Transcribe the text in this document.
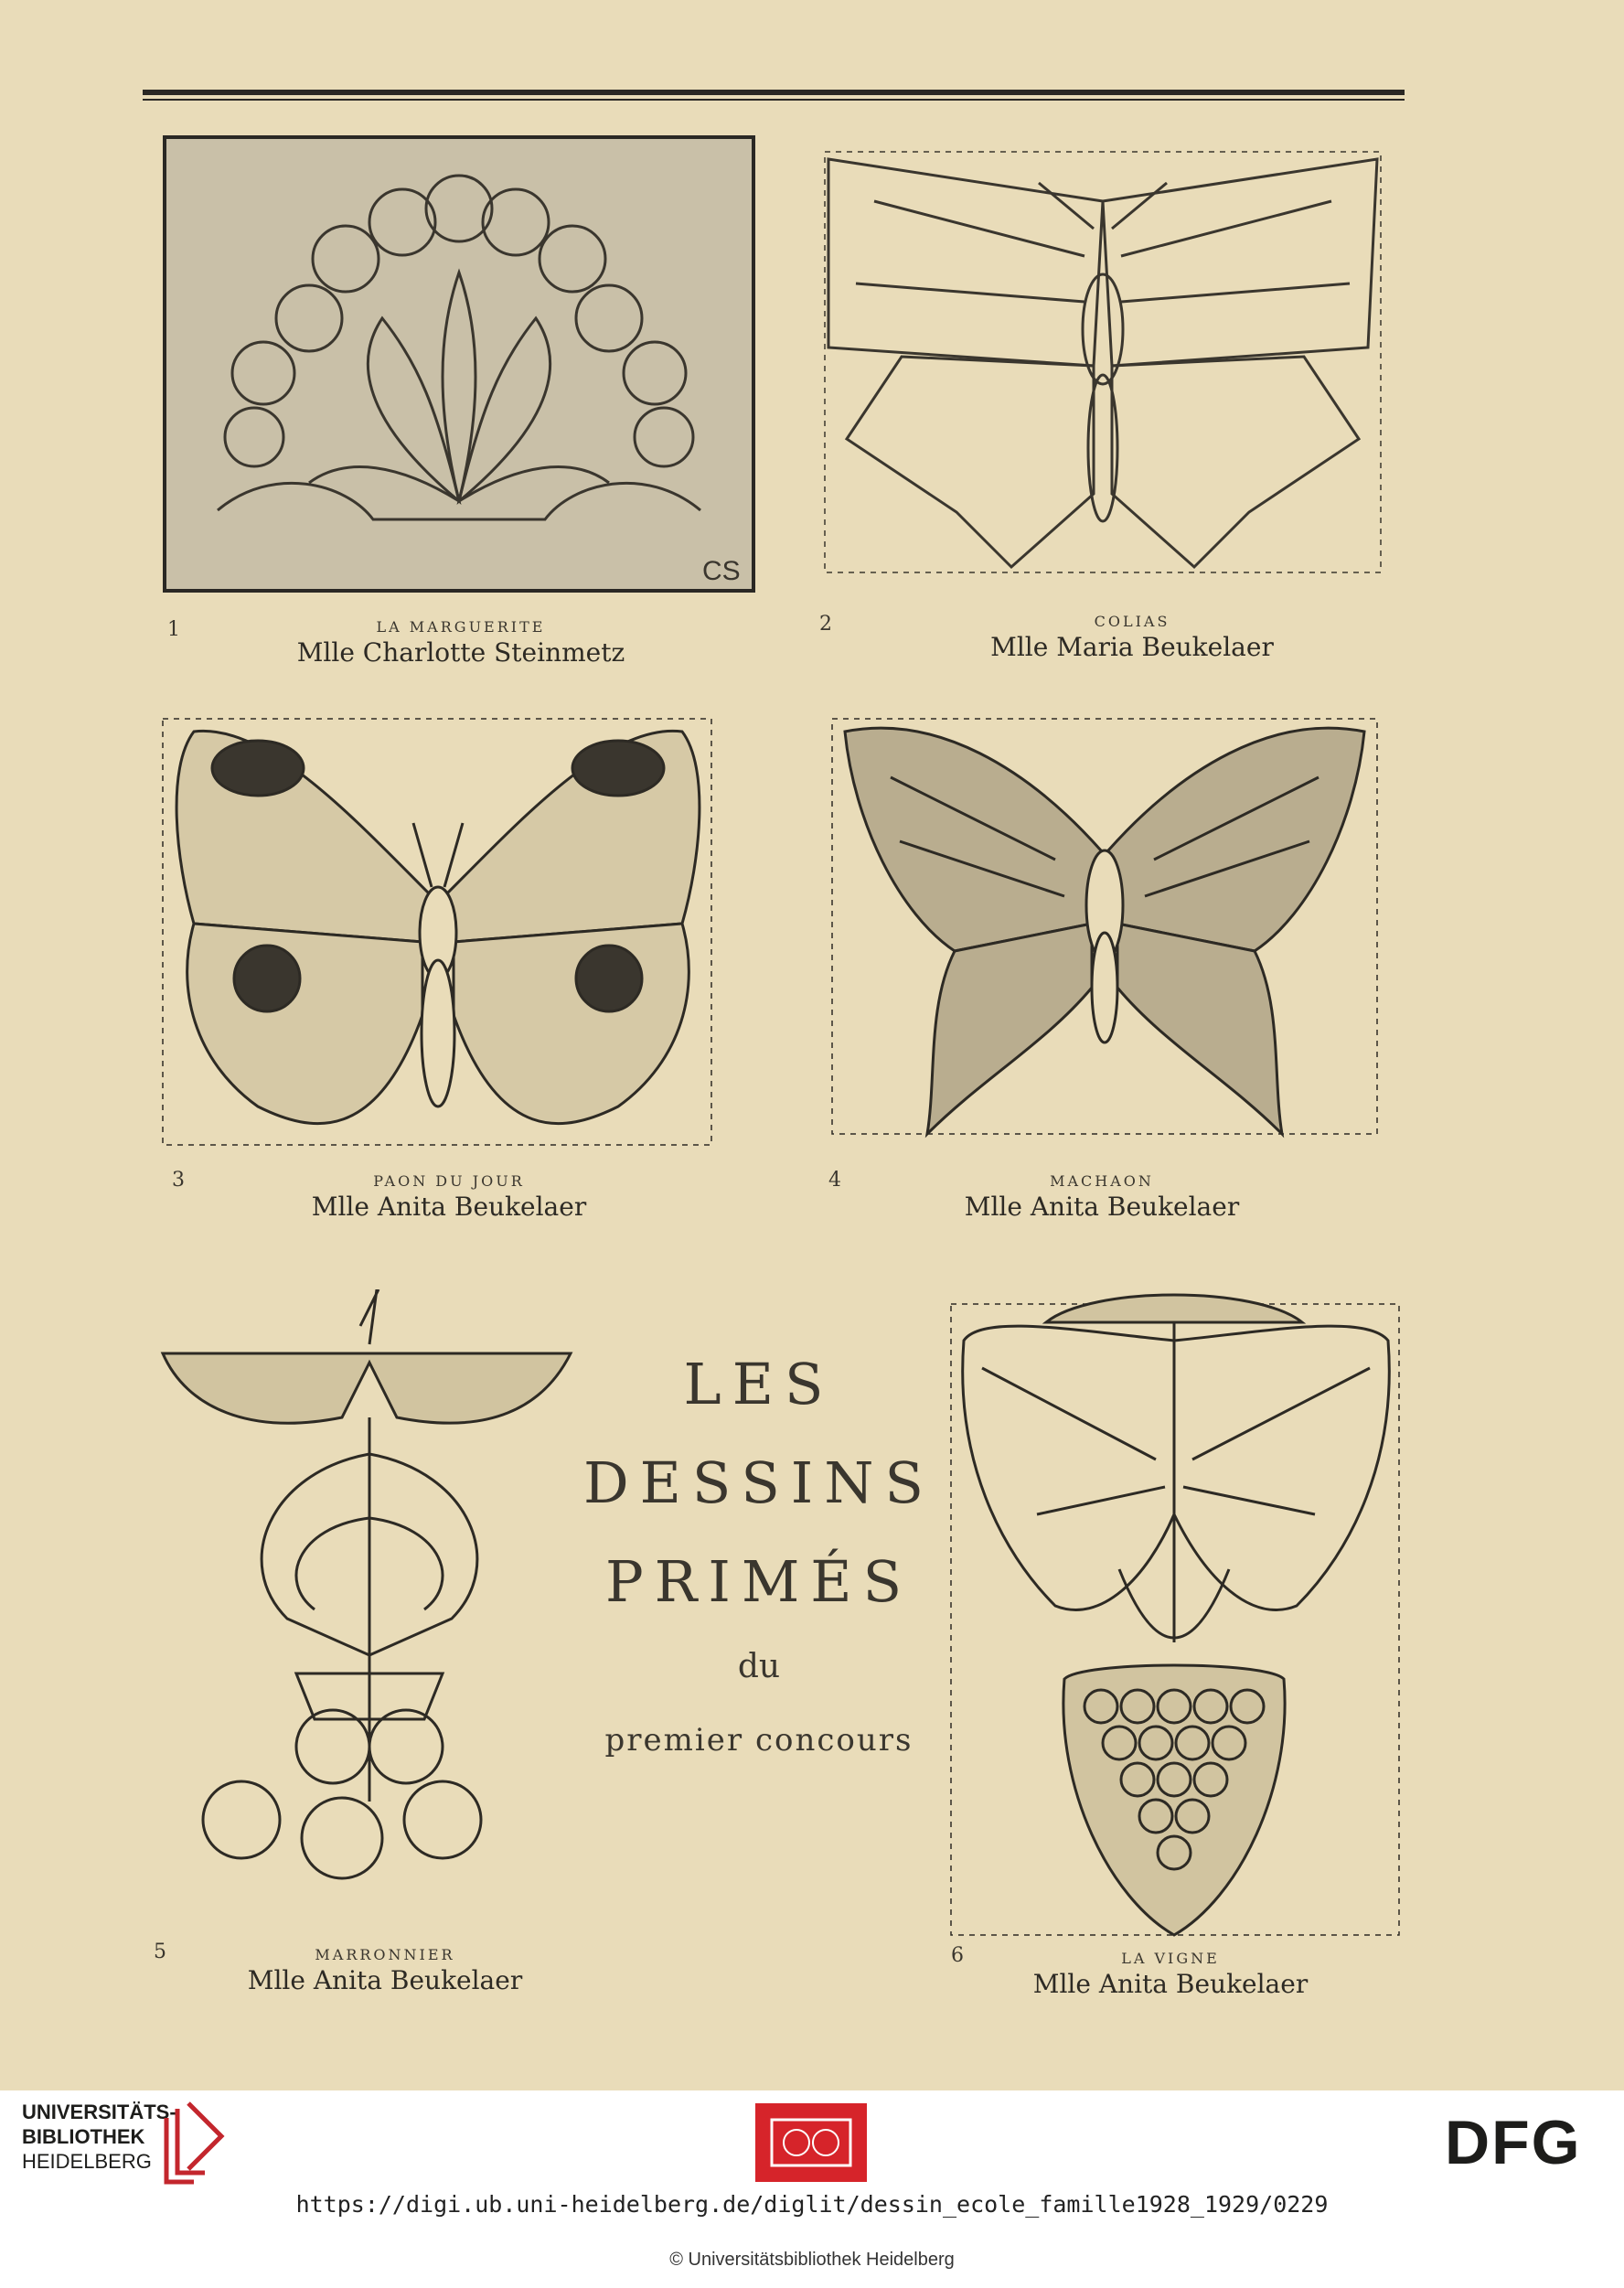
CS
1	LA MARGUERITE
Mlle Charlotte Steinmetz
2	COLIAS
Mlle Maria Beukelaer
3	PAON DU JOUR
Mlle Anita Beukelaer
4	MACHAON
Mlle Anita Beukelaer
5	MARRONNIER
Mlle Anita Beukelaer
6	LA VIGNE
Mlle Anita Beukelaer
LES
DESSINS
PRIMÉS
du
premier concours
UNIVERSITÄTS-
BIBLIOTHEK
HEIDELBERG	DFG
https://digi.ub.uni-heidelberg.de/diglit/dessin_ecole_famille1928_1929/0229
© Universitätsbibliothek Heidelberg
